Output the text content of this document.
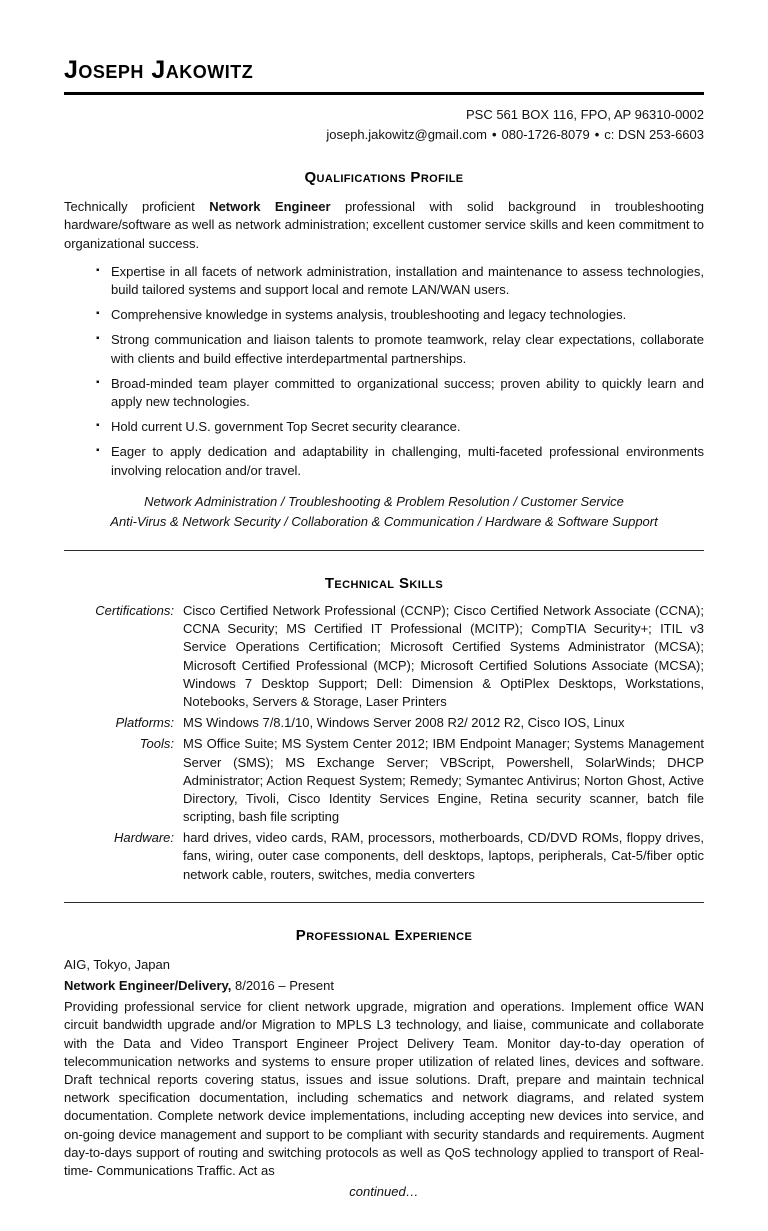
Joseph Jakowitz
PSC 561 BOX 116, FPO, AP 96310-0002
joseph.jakowitz@gmail.com • 080-1726-8079 • c: DSN 253-6603
Qualifications Profile

Technically proficient Network Engineer professional with solid background in troubleshooting hardware/software as well as network administration; excellent customer service skills and keen commitment to organizational success.

▪ Expertise in all facets of network administration, installation and maintenance to assess technologies, build tailored systems and support local and remote LAN/WAN users.
▪ Comprehensive knowledge in systems analysis, troubleshooting and legacy technologies.
▪ Strong communication and liaison talents to promote teamwork, relay clear expectations, collaborate with clients and build effective interdepartmental partnerships.
▪ Broad-minded team player committed to organizational success; proven ability to quickly learn and apply new technologies.
▪ Hold current U.S. government Top Secret security clearance.
▪ Eager to apply dedication and adaptability in challenging, multi-faceted professional environments involving relocation and/or travel.
Network Administration / Troubleshooting & Problem Resolution / Customer Service
Anti-Virus & Network Security / Collaboration & Communication / Hardware & Software Support
Technical Skills
Certifications: Cisco Certified Network Professional (CCNP); Cisco Certified Network Associate (CCNA); CCNA Security; MS Certified IT Professional (MCITP); CompTIA Security+; ITIL v3 Service Operations Certification; Microsoft Certified Systems Administrator (MCSA); Microsoft Certified Professional (MCP); Microsoft Certified Solutions Associate (MCSA); Windows 7 Desktop Support; Dell: Dimension & OptiPlex Desktops, Workstations, Notebooks, Servers & Storage, Laser Printers
Platforms: MS Windows 7/8.1/10, Windows Server 2008 R2/ 2012 R2, Cisco IOS, Linux
Tools: MS Office Suite; MS System Center 2012; IBM Endpoint Manager; Systems Management Server (SMS); MS Exchange Server; VBScript, Powershell, SolarWinds; DHCP Administrator; Action Request System; Remedy; Symantec Antivirus; Norton Ghost, Active Directory, Tivoli, Cisco Identity Services Engine, Retina security scanner, batch file scripting, bash file scripting
Hardware: hard drives, video cards, RAM, processors, motherboards, CD/DVD ROMs, floppy drives, fans, wiring, outer case components, dell desktops, laptops, peripherals, Cat-5/fiber optic network cable, routers, switches, media converters
Professional Experience
AIG, Tokyo, Japan
Network Engineer/Delivery, 8/2016 – Present

Providing professional service for client network upgrade, migration and operations. Implement office WAN circuit bandwidth upgrade and/or Migration to MPLS L3 technology, and liaise, communicate and collaborate with the Data and Video Transport Engineer Project Delivery Team. Monitor day-to-day operation of telecommunication networks and systems to ensure proper utilization of related lines, devices and software. Draft technical reports covering status, issues and issue solutions. Draft, prepare and maintain technical network specification documentation, including schematics and network diagrams, and related system documentation. Complete network device implementations, including accepting new devices into service, and on-going device management and support to be compliant with security standards and requirements. Augment day-to-days support of routing and switching protocols as well as QoS technology applied to transport of Real-time- Communications Traffic. Act as

continued…
